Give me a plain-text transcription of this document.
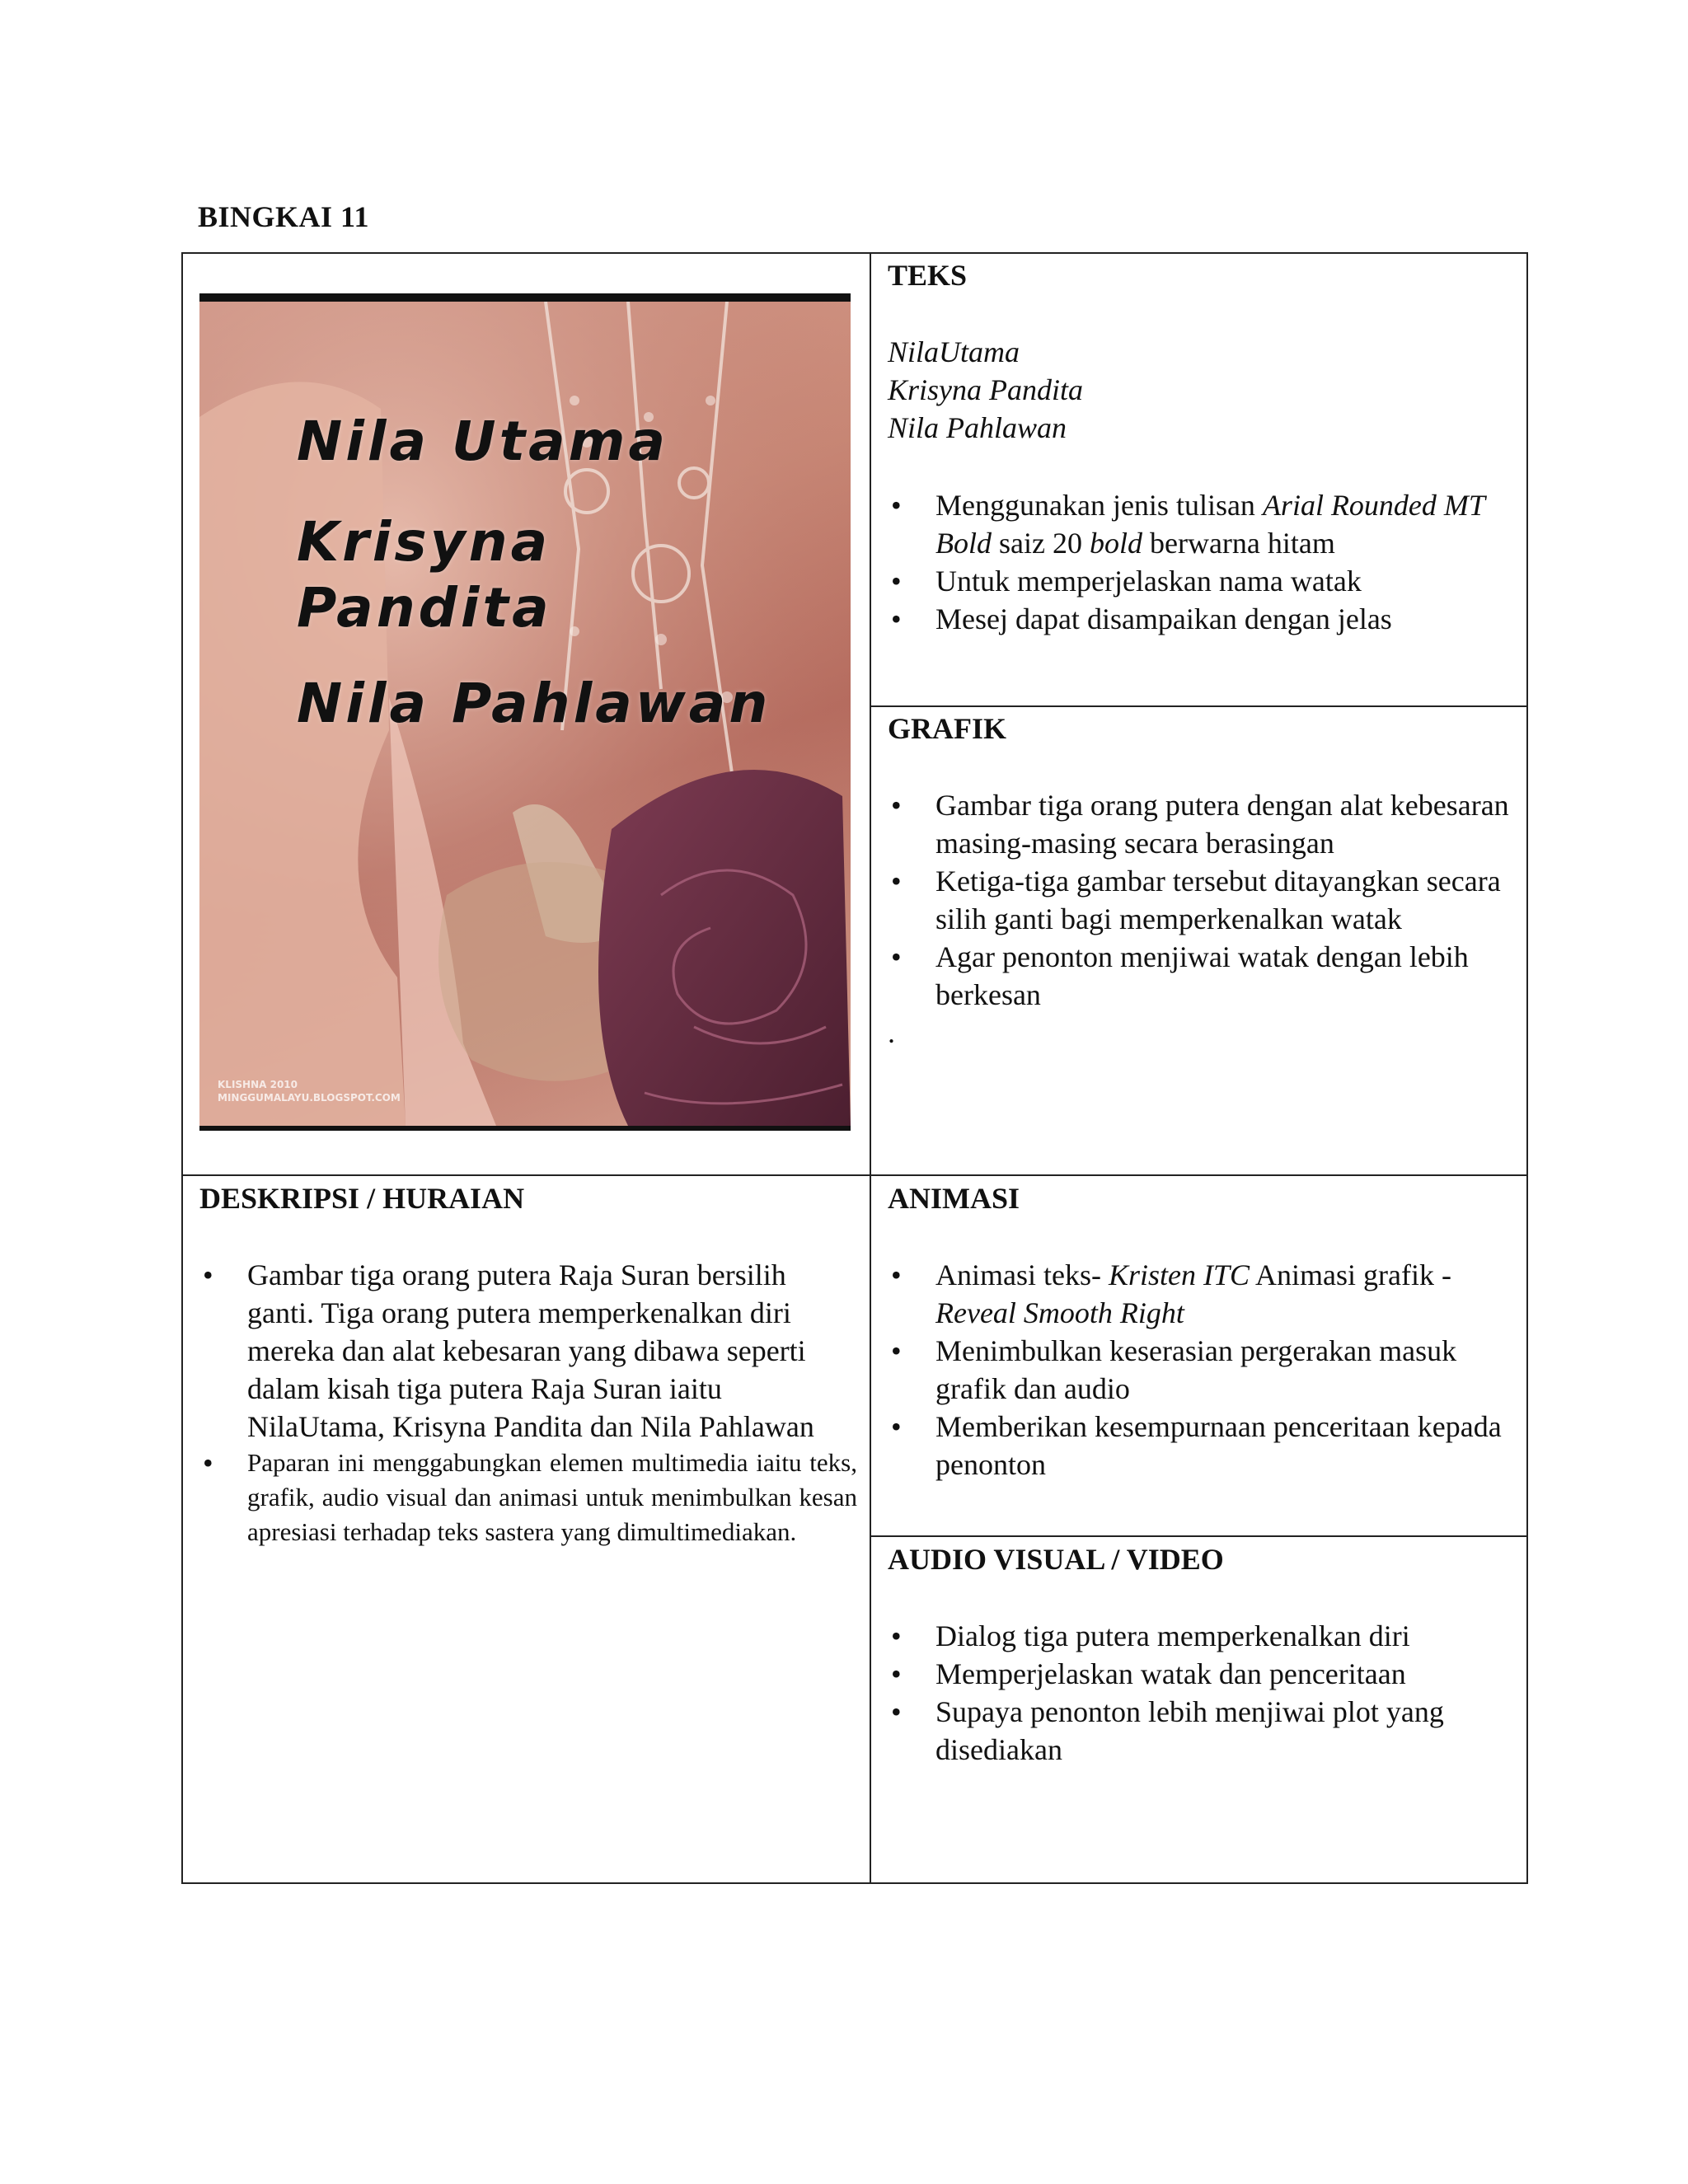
BINGKAI 11
Nila Utama
Krisyna Pandita
Nila Pahlawan
KLISHNA 2010
MINGGUMALAYU.BLOGSPOT.COM
TEKS
NilaUtama
Krisyna Pandita
Nila Pahlawan
• Menggunakan jenis tulisan Arial Rounded MT Bold saiz 20 bold berwarna hitam
• Untuk memperjelaskan nama watak
• Mesej dapat disampaikan dengan jelas
GRAFIK
• Gambar tiga orang putera dengan alat kebesaran masing-masing secara berasingan
• Ketiga-tiga gambar tersebut ditayangkan secara silih ganti bagi memperkenalkan watak
• Agar penonton menjiwai watak dengan lebih berkesan
.
DESKRIPSI / HURAIAN
• Gambar tiga orang putera Raja Suran bersilih ganti. Tiga orang putera memperkenalkan diri mereka dan alat kebesaran yang dibawa seperti dalam kisah tiga putera Raja Suran iaitu NilaUtama, Krisyna Pandita dan Nila Pahlawan
• Paparan ini menggabungkan elemen multimedia iaitu teks, grafik, audio visual dan animasi untuk menimbulkan kesan apresiasi terhadap teks sastera yang dimultimediakan.
ANIMASI
• Animasi teks- Kristen ITC Animasi grafik - Reveal Smooth Right
• Menimbulkan keserasian pergerakan masuk grafik dan audio
• Memberikan kesempurnaan penceritaan kepada penonton
AUDIO VISUAL / VIDEO
• Dialog tiga putera memperkenalkan diri
• Memperjelaskan watak dan penceritaan
• Supaya penonton lebih menjiwai plot yang disediakan
